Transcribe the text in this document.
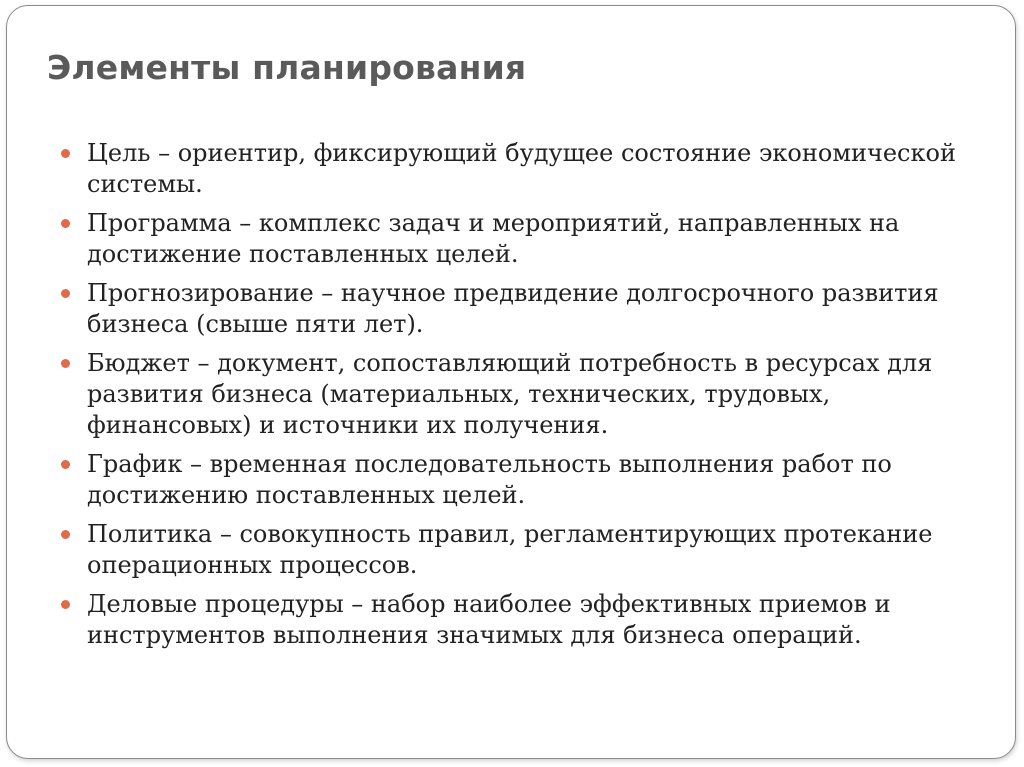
Элементы планирования
Цель – ориентир, фиксирующий будущее состояние экономической системы.
Программа – комплекс задач и мероприятий, направленных на достижение поставленных целей.
Прогнозирование – научное предвидение долгосрочного развития бизнеса (свыше пяти лет).
Бюджет – документ, сопоставляющий потребность в ресурсах для развития бизнеса (материальных, технических, трудовых, финансовых) и источники их получения.
График – временная последовательность выполнения работ по достижению поставленных целей.
Политика – совокупность правил, регламентирующих протекание операционных процессов.
Деловые процедуры – набор наиболее эффективных приемов и инструментов выполнения значимых для бизнеса операций.
